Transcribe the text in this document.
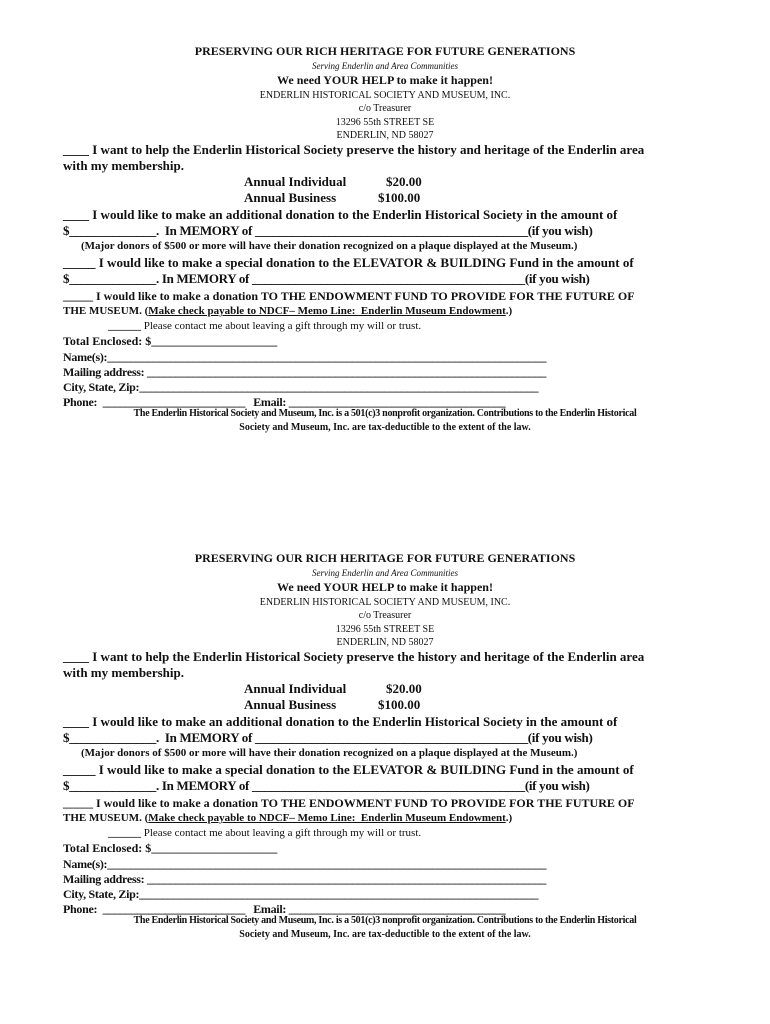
PRESERVING OUR RICH HERITAGE FOR FUTURE GENERATIONS
Serving Enderlin and Area Communities
We need YOUR HELP to make it happen!
ENDERLIN HISTORICAL SOCIETY AND MUSEUM, INC.
c/o Treasurer
13296 55th STREET SE
ENDERLIN, ND 58027
____ I want to help the Enderlin Historical Society preserve the history and heritage of the Enderlin area
with my membership.
Annual Individual	$20.00
Annual Business	$100.00
____ I would like to make an additional donation to the Enderlin Historical Society in the amount of
$______________.  In MEMORY of ____________________________________________(if you wish)
(Major donors of $500 or more will have their donation recognized on a plaque displayed at the Museum.)
_____ I would like to make a special donation to the ELEVATOR & BUILDING Fund in the amount of
$______________. In MEMORY of ____________________________________________(if you wish)
_____ I would like to make a donation TO THE ENDOWMENT FUND TO PROVIDE FOR THE FUTURE OF
THE MUSEUM. (Make check payable to NDCF– Memo Line:  Enderlin Museum Endowment.)
______ Please contact me about leaving a gift through my will or trust.
Total Enclosed: $_____________________
Name(s):_____________________________________________________________________________
Mailing address: ______________________________________________________________________
City, State, Zip:______________________________________________________________________
Phone:  _________________________   Email: ______________________________________
The Enderlin Historical Society and Museum, Inc. is a 501(c)3 nonprofit organization. Contributions to the Enderlin Historical
Society and Museum, Inc. are tax-deductible to the extent of the law.
PRESERVING OUR RICH HERITAGE FOR FUTURE GENERATIONS
Serving Enderlin and Area Communities
We need YOUR HELP to make it happen!
ENDERLIN HISTORICAL SOCIETY AND MUSEUM, INC.
c/o Treasurer
13296 55th STREET SE
ENDERLIN, ND 58027
____ I want to help the Enderlin Historical Society preserve the history and heritage of the Enderlin area
with my membership.
Annual Individual	$20.00
Annual Business	$100.00
____ I would like to make an additional donation to the Enderlin Historical Society in the amount of
$______________.  In MEMORY of ____________________________________________(if you wish)
(Major donors of $500 or more will have their donation recognized on a plaque displayed at the Museum.)
_____ I would like to make a special donation to the ELEVATOR & BUILDING Fund in the amount of
$______________. In MEMORY of ____________________________________________(if you wish)
_____ I would like to make a donation TO THE ENDOWMENT FUND TO PROVIDE FOR THE FUTURE OF
THE MUSEUM. (Make check payable to NDCF– Memo Line:  Enderlin Museum Endowment.)
______ Please contact me about leaving a gift through my will or trust.
Total Enclosed: $_____________________
Name(s):_____________________________________________________________________________
Mailing address: ______________________________________________________________________
City, State, Zip:______________________________________________________________________
Phone:  _________________________   Email: ______________________________________
The Enderlin Historical Society and Museum, Inc. is a 501(c)3 nonprofit organization. Contributions to the Enderlin Historical
Society and Museum, Inc. are tax-deductible to the extent of the law.
